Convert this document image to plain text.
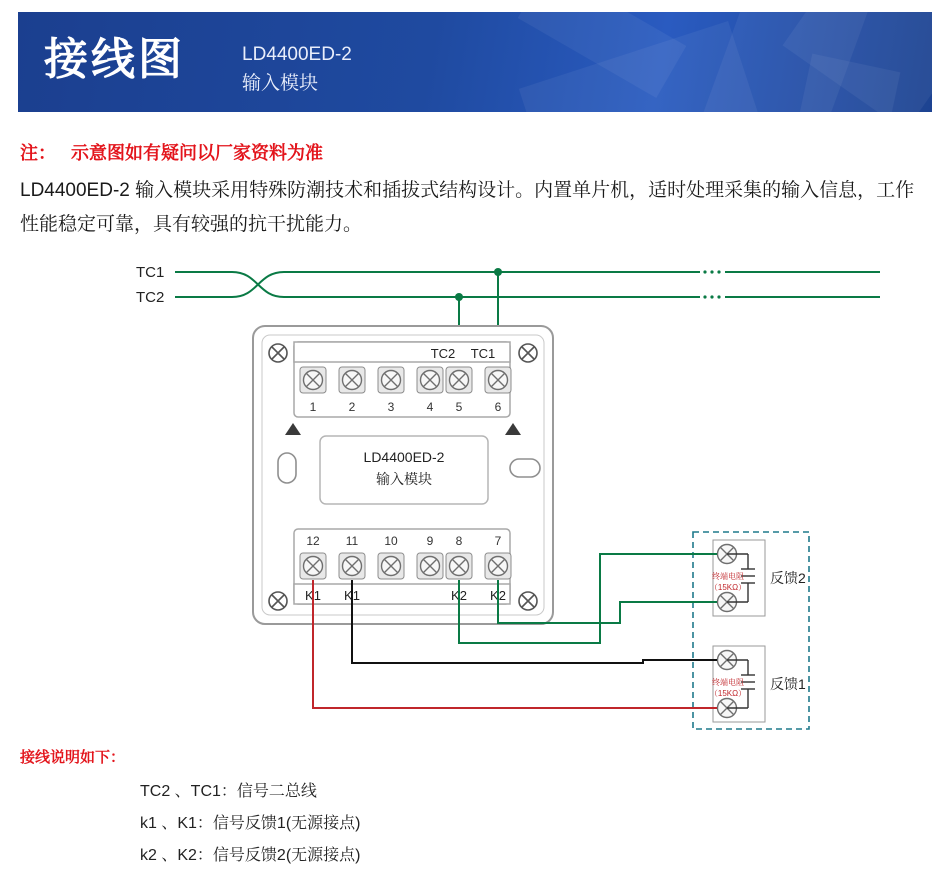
接线图	LD4400ED-2
输入模块
注： 示意图如有疑问以厂家资料为准
LD4400ED-2 输入模块采用特殊防潮技术和插拔式结构设计。内置单片机，适时处理采集的输入信息，工作性能稳定可靠，具有较强的抗干扰能力。
TC1
TC2
TC2 TC1
1	2	3	4 5	6
LD4400ED-2
输入模块
12 11 10 9 8	7
K1 K1	K2 K2
终端电阻
（15KΩ）
反馈2
终端电阻
（15KΩ）
反馈1
接线说明如下：
TC2 、TC1：信号二总线
k1 、K1：信号反馈1(无源接点)
k2 、K2：信号反馈2(无源接点)
